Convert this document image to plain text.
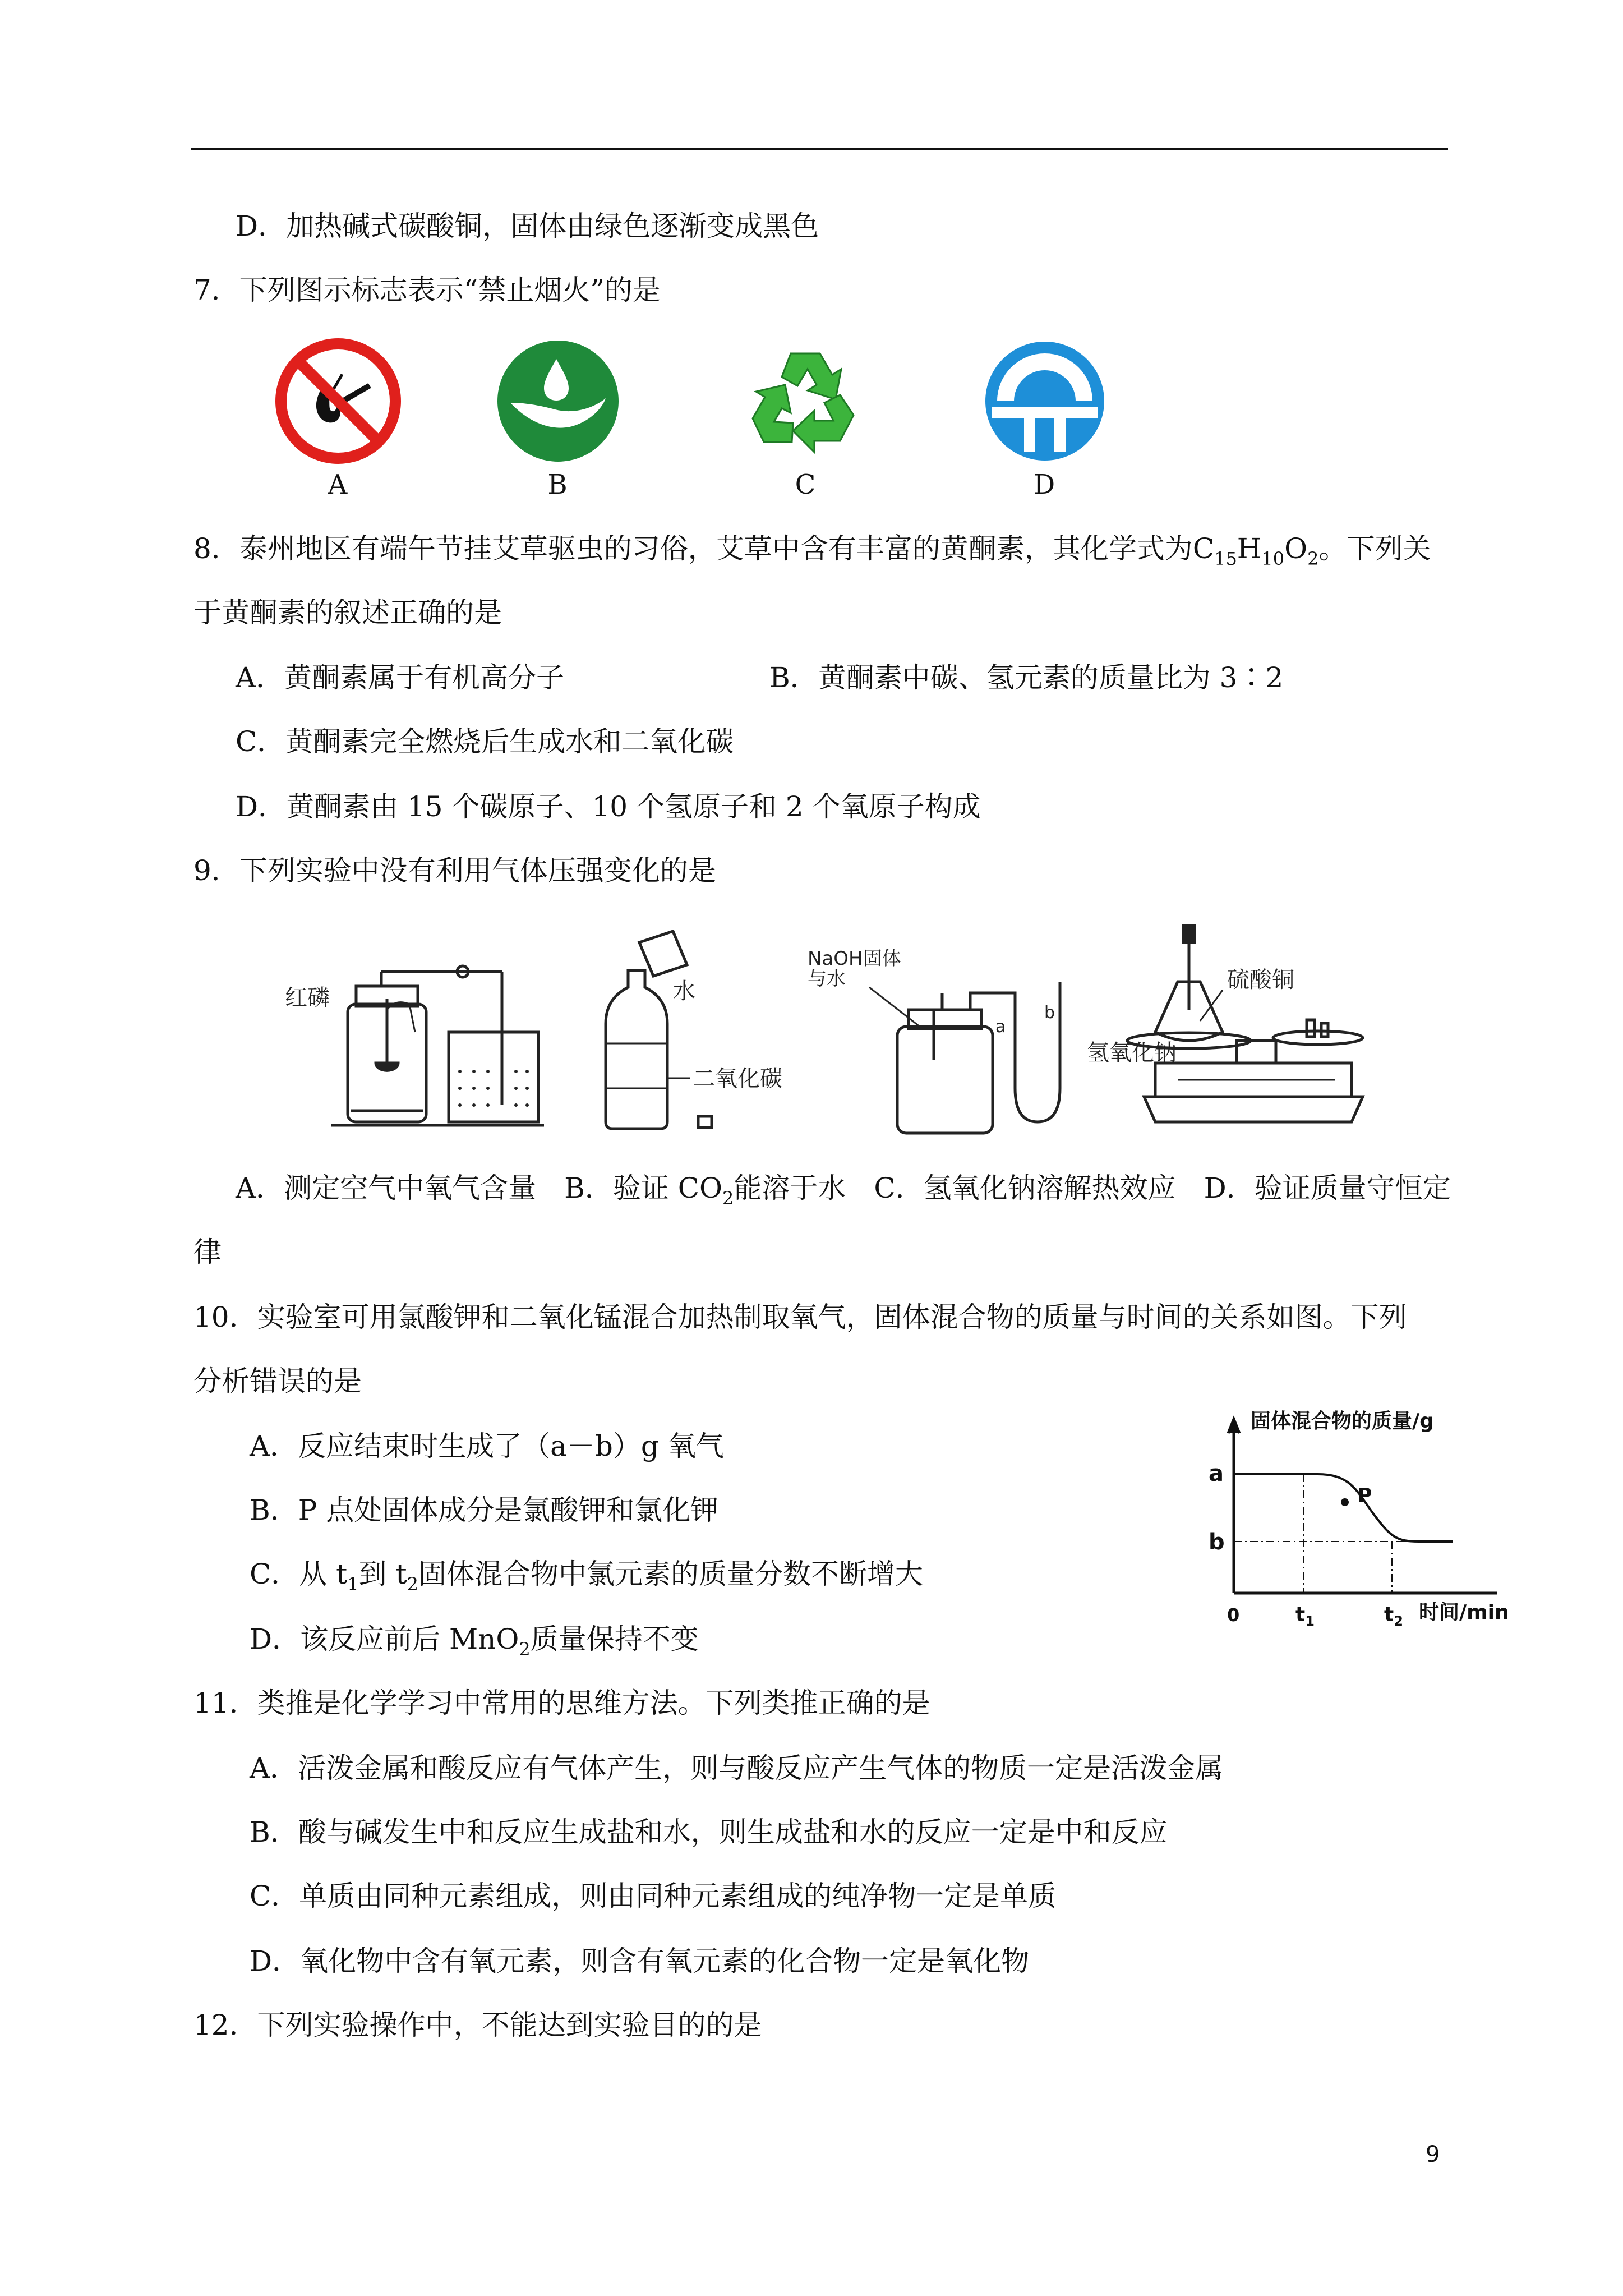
D．加热碱式碳酸铜，固体由绿色逐渐变成黑色
7．下列图示标志表示“禁止烟火”的是
A	B	C	D
8．泰州地区有端午节挂艾草驱虫的习俗，艾草中含有丰富的黄酮素，其化学式为$C_{15}H_{10}O_2$。下列关
于黄酮素的叙述正确的是
A．黄酮素属于有机高分子	B．黄酮素中碳、氢元素的质量比为 3∶2
C．黄酮素完全燃烧后生成水和二氧化碳
D．黄酮素由 15 个碳原子、10 个氢原子和 2 个氧原子构成
9．下列实验中没有利用气体压强变化的是
红磷	水
二氧化碳
NaOH固体
与水
a
b
硫酸铜
氢氧化钠
A．测定空气中氧气含量　B．验证 $CO_2$能溶于水　C．氢氧化钠溶解热效应　D．验证质量守恒定
律
10．实验室可用氯酸钾和二氧化锰混合加热制取氧气，固体混合物的质量与时间的关系如图。下列
分析错误的是
A．反应结束时生成了（a－b）g 氧气
B．P 点处固体成分是氯酸钾和氯化钾
C．从 $t_1$到 $t_2$固体混合物中氯元素的质量分数不断增大
D．该反应前后 MnO$_2$质量保持不变
固体混合物的质量/g
a
b
P
0	$t_1$	$t_2$ 时间/min
11．类推是化学学习中常用的思维方法。下列类推正确的是
A．活泼金属和酸反应有气体产生，则与酸反应产生气体的物质一定是活泼金属
B．酸与碱发生中和反应生成盐和水，则生成盐和水的反应一定是中和反应
C．单质由同种元素组成，则由同种元素组成的纯净物一定是单质
D．氧化物中含有氧元素，则含有氧元素的化合物一定是氧化物
12．下列实验操作中，不能达到实验目的的是
9
